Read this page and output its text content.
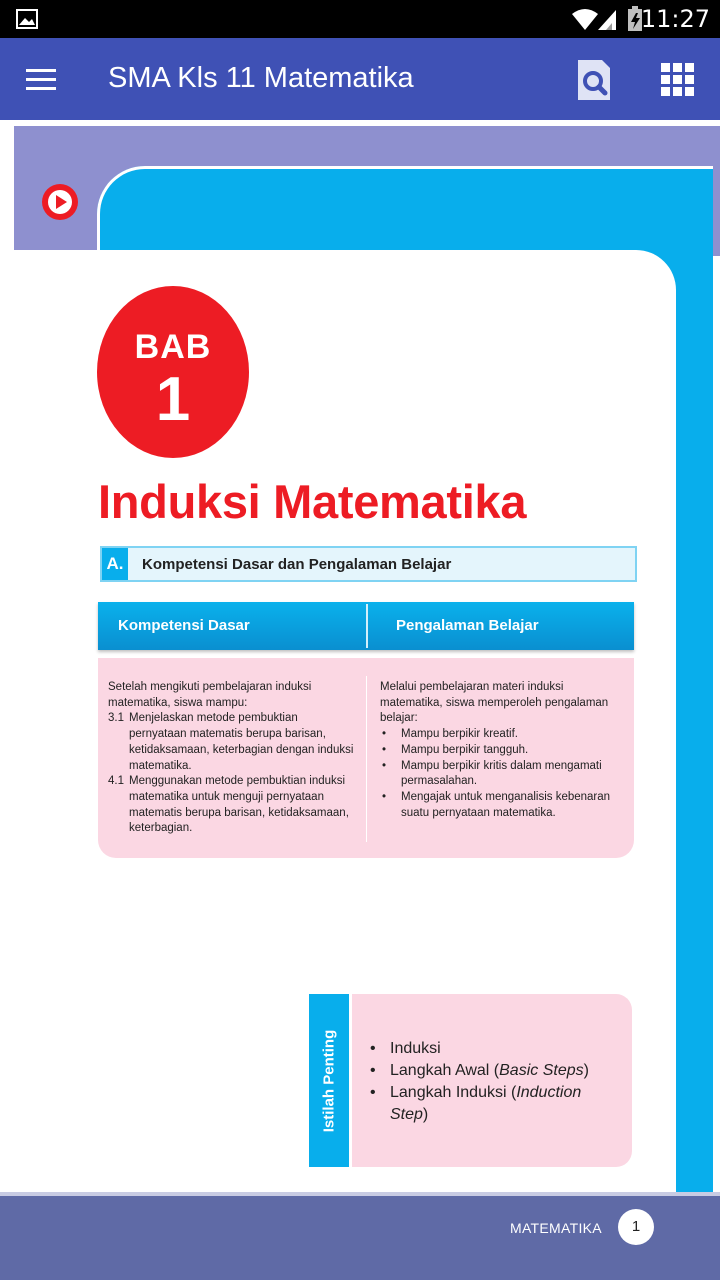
11:27
SMA Kls 11 Matematika
BAB
1
Induksi Matematika
A.	Kompetensi Dasar dan Pengalaman Belajar
Kompetensi Dasar	Pengalaman Belajar
Setelah mengikuti pembelajaran induksi matematika, siswa mampu:
3.1 Menjelaskan metode pembuktian pernyataan matematis berupa barisan, ketidaksamaan, keterbagian dengan induksi matematika.
4.1 Menggunakan metode pembuktian induksi matematika untuk menguji pernyataan matematis berupa barisan, ketidaksamaan, keterbagian.
Melalui pembelajaran materi induksi matematika, siswa memperoleh pengalaman belajar:
• Mampu berpikir kreatif.
• Mampu berpikir tangguh.
• Mampu berpikir kritis dalam mengamati permasalahan.
• Mengajak untuk menganalisis kebenaran suatu pernyataan matematika.
Istilah Penting • Induksi
• Langkah Awal (Basic Steps)
• Langkah Induksi (Induction Step)
MATEMATIKA	1
